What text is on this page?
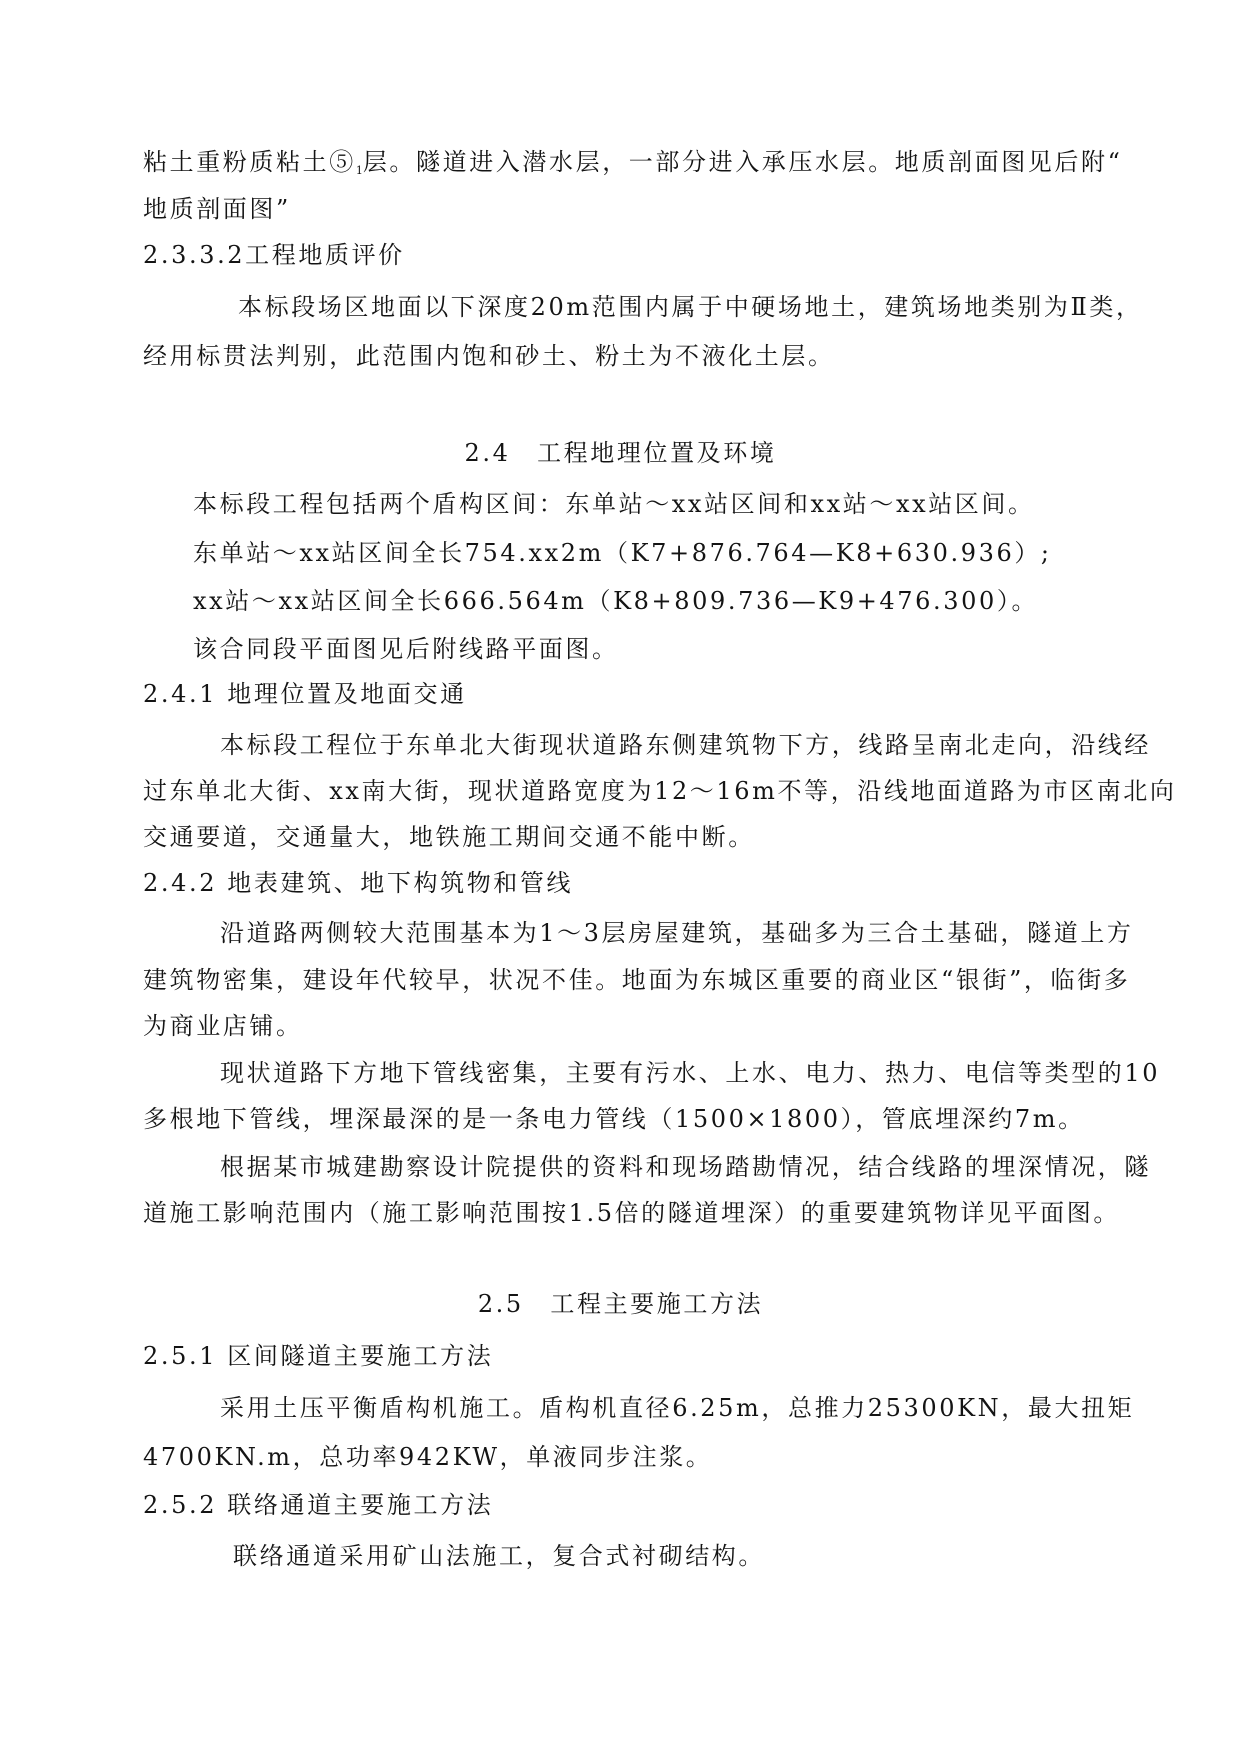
粘土重粉质粘土$⑤_1$层。隧道进入潜水层，一部分进入承压水层。地质剖面图见后附“
地质剖面图”
2.3.3.2工程地质评价
本标段场区地面以下深度20m范围内属于中硬场地土，建筑场地类别为Ⅱ类，
经用标贯法判别，此范围内饱和砂土、粉土为不液化土层。
2.4　工程地理位置及环境
本标段工程包括两个盾构区间：东单站～xx站区间和xx站～xx站区间。
东单站～xx站区间全长754.xx2m（K7+876.764—K8+630.936）;
xx站～xx站区间全长666.564m（K8+809.736—K9+476.300）。
该合同段平面图见后附线路平面图。
2.4.1 地理位置及地面交通
本标段工程位于东单北大街现状道路东侧建筑物下方，线路呈南北走向，沿线经
过东单北大街、xx南大街，现状道路宽度为12～16m不等，沿线地面道路为市区南北向
交通要道，交通量大，地铁施工期间交通不能中断。
2.4.2 地表建筑、地下构筑物和管线
沿道路两侧较大范围基本为1～3层房屋建筑，基础多为三合土基础，隧道上方
建筑物密集，建设年代较早，状况不佳。地面为东城区重要的商业区“银街”，临街多
为商业店铺。
现状道路下方地下管线密集，主要有污水、上水、电力、热力、电信等类型的10
多根地下管线，埋深最深的是一条电力管线（1500×1800），管底埋深约7m。
根据某市城建勘察设计院提供的资料和现场踏勘情况，结合线路的埋深情况，隧
道施工影响范围内（施工影响范围按1.5倍的隧道埋深）的重要建筑物详见平面图。
2.5　工程主要施工方法
2.5.1 区间隧道主要施工方法
采用土压平衡盾构机施工。盾构机直径6.25m，总推力25300KN，最大扭矩
4700KN.m，总功率942KW，单液同步注浆。
2.5.2 联络通道主要施工方法
联络通道采用矿山法施工，复合式衬砌结构。
